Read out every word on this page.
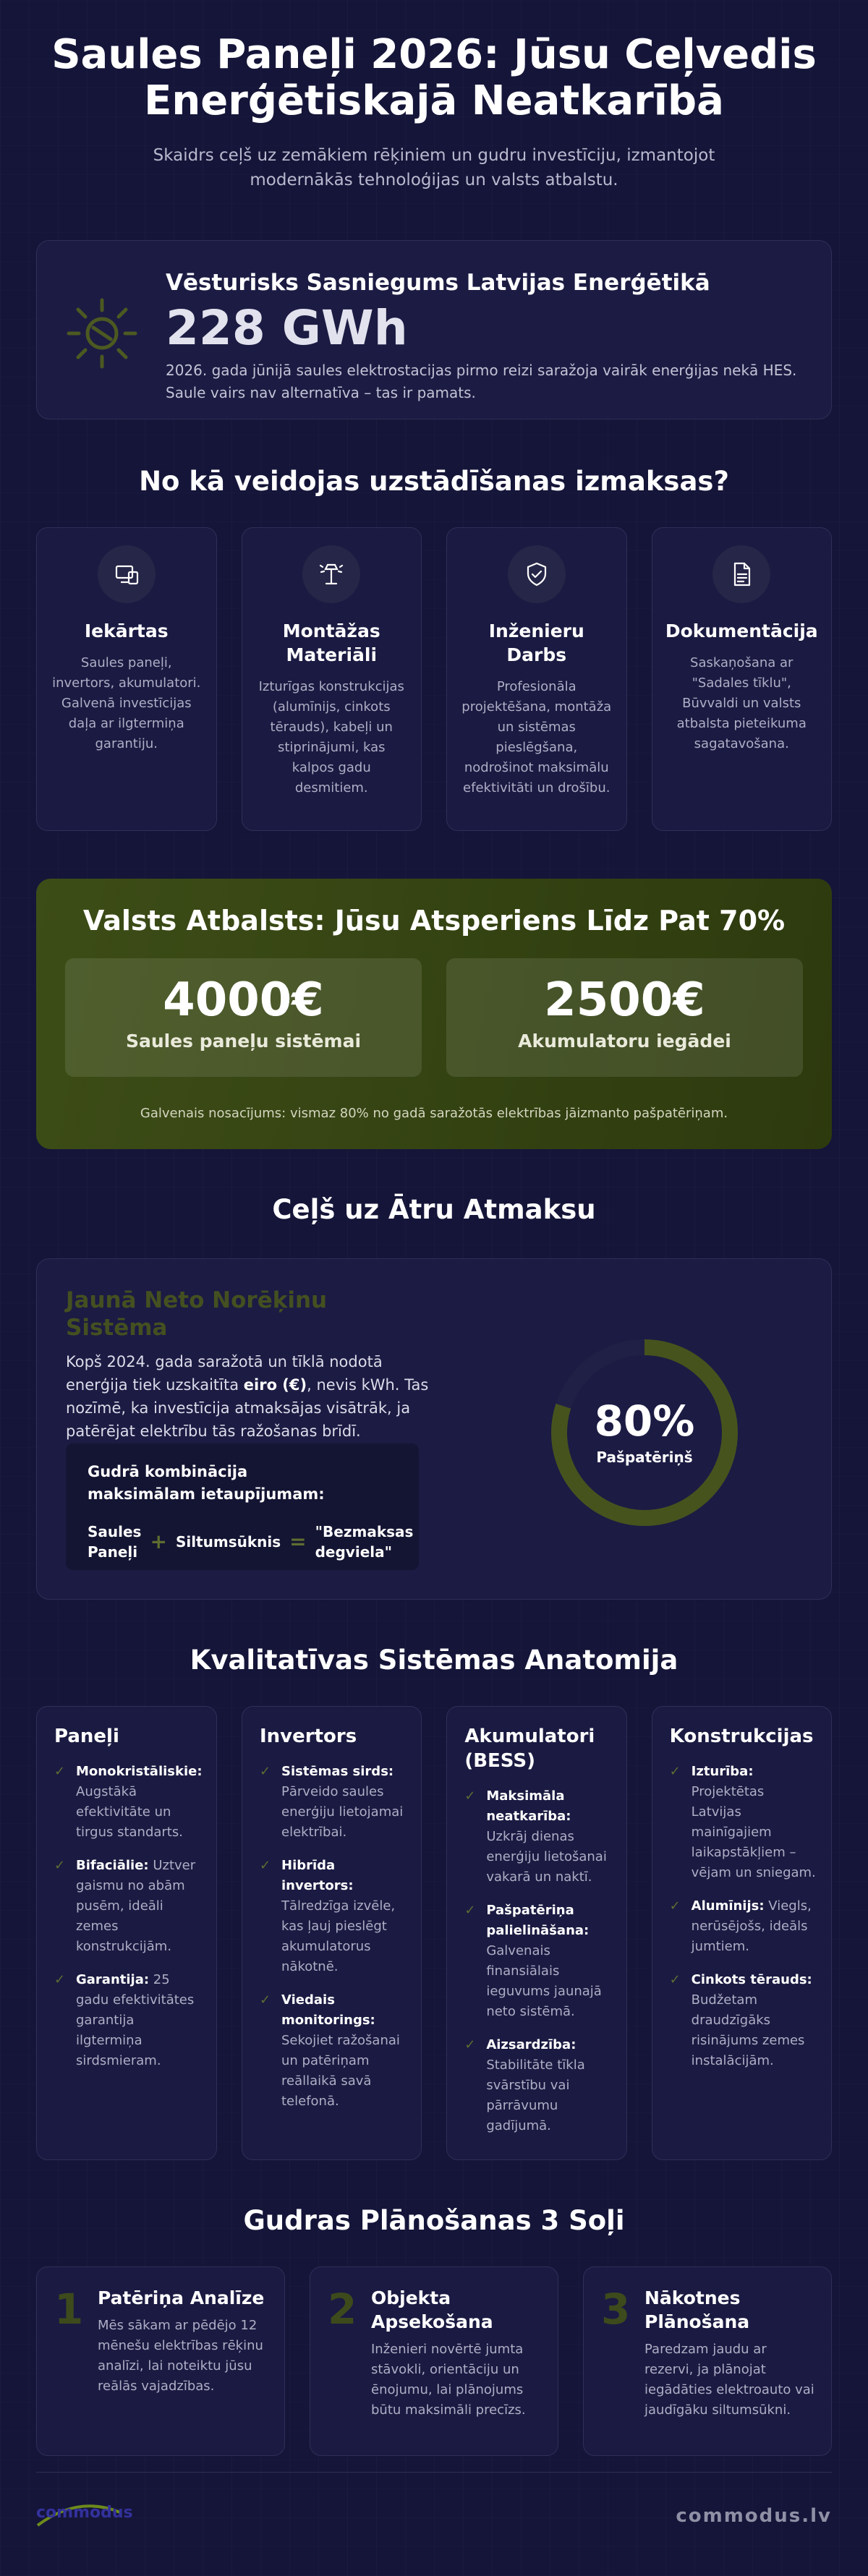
Saules Paneļi 2026: Jūsu Ceļvedis
Enerģētiskajā Neatkarībā

Skaidrs ceļš uz zemākiem rēķiniem un gudru investīciju, izmantojot modernākās tehnoloģijas un valsts atbalstu.

Vēsturisks Sasniegums Latvijas Enerģētikā
228 GWh
2026. gada jūnijā saules elektrostacijas pirmo reizi saražoja vairāk enerģijas nekā HES. Saule vairs nav alternatīva – tas ir pamats.
No kā veidojas uzstādīšanas izmaksas?
Iekārtas
Saules paneļi, invertors, akumulatori. Galvenā investīcijas daļa ar ilgtermiņa garantiju.
Montāžas Materiāli
Izturīgas konstrukcijas (alumīnijs, cinkots tērauds), kabeļi un stiprinājumi, kas kalpos gadu desmitiem.
Inženieru Darbs
Profesionāla projektēšana, montāža un sistēmas pieslēgšana, nodrošinot maksimālu efektivitāti un drošību.
Dokumentācija
Saskaņošana ar "Sadales tīklu", Būvvaldi un valsts atbalsta pieteikuma sagatavošana.
Valsts Atbalsts: Jūsu Atsperiens Līdz Pat 70%
4000€
Saules paneļu sistēmai
2500€
Akumulatoru iegādei
Galvenais nosacījums: vismaz 80% no gadā saražotās elektrības jāizmanto pašpatēriņam.
Ceļš uz Ātru Atmaksu
Jaunā Neto Norēķinu Sistēma
Kopš 2024. gada saražotā un tīklā nodotā enerģija tiek uzskaitīta eiro (€), nevis kWh. Tas nozīmē, ka investīcija atmaksājas visātrāk, ja patērējat elektrību tās ražošanas brīdī.
Gudrā kombinācija maksimālam ietaupījumam:
Saules Paneļi + Siltumsūknis = "Bezmaksas degviela"
80%
Pašpatēriņš
Kvalitatīvas Sistēmas Anatomija
Paneļi
✓ Monokristāliskie: Augstākā efektivitāte un tirgus standarts.
✓ Bifaciālie: Uztver gaismu no abām pusēm, ideāli zemes konstrukcijām.
✓ Garantija: 25 gadu efektivitātes garantija ilgtermiņa sirdsmieram.
Invertors
✓ Sistēmas sirds: Pārveido saules enerģiju lietojamai elektrībai.
✓ Hibrīda invertors: Tālredzīga izvēle, kas ļauj pieslēgt akumulatorus nākotnē.
✓ Viedais monitorings: Sekojiet ražošanai un patēriņam reāllaikā savā telefonā.
Akumulatori (BESS)
✓ Maksimāla neatkarība: Uzkrāj dienas enerģiju lietošanai vakarā un naktī.
✓ Pašpatēriņa palielināšana: Galvenais finansiālais ieguvums jaunajā neto sistēmā.
✓ Aizsardzība: Stabilitāte tīkla svārstību vai pārrāvumu gadījumā.
Konstrukcijas
✓ Izturība: Projektētas Latvijas mainīgajiem laikapstākļiem – vējam un sniegam.
✓ Alumīnijs: Viegls, nerūsējošs, ideāls jumtiem.
✓ Cinkots tērauds: Budžetam draudzīgāks risinājums zemes instalācijām.
Gudras Plānošanas 3 Soļi
1 Patēriņa Analīze
Mēs sākam ar pēdējo 12 mēnešu elektrības rēķinu analīzi, lai noteiktu jūsu reālās vajadzības.
2 Objekta Apsekošana
Inženieri novērtē jumta stāvokli, orientāciju un ēnojumu, lai plānojums būtu maksimāli precīzs.
3 Nākotnes Plānošana
Paredzam jaudu ar rezervi, ja plānojat iegādāties elektroauto vai jaudīgāku siltumsūkni.
commodus	commodus.lv
